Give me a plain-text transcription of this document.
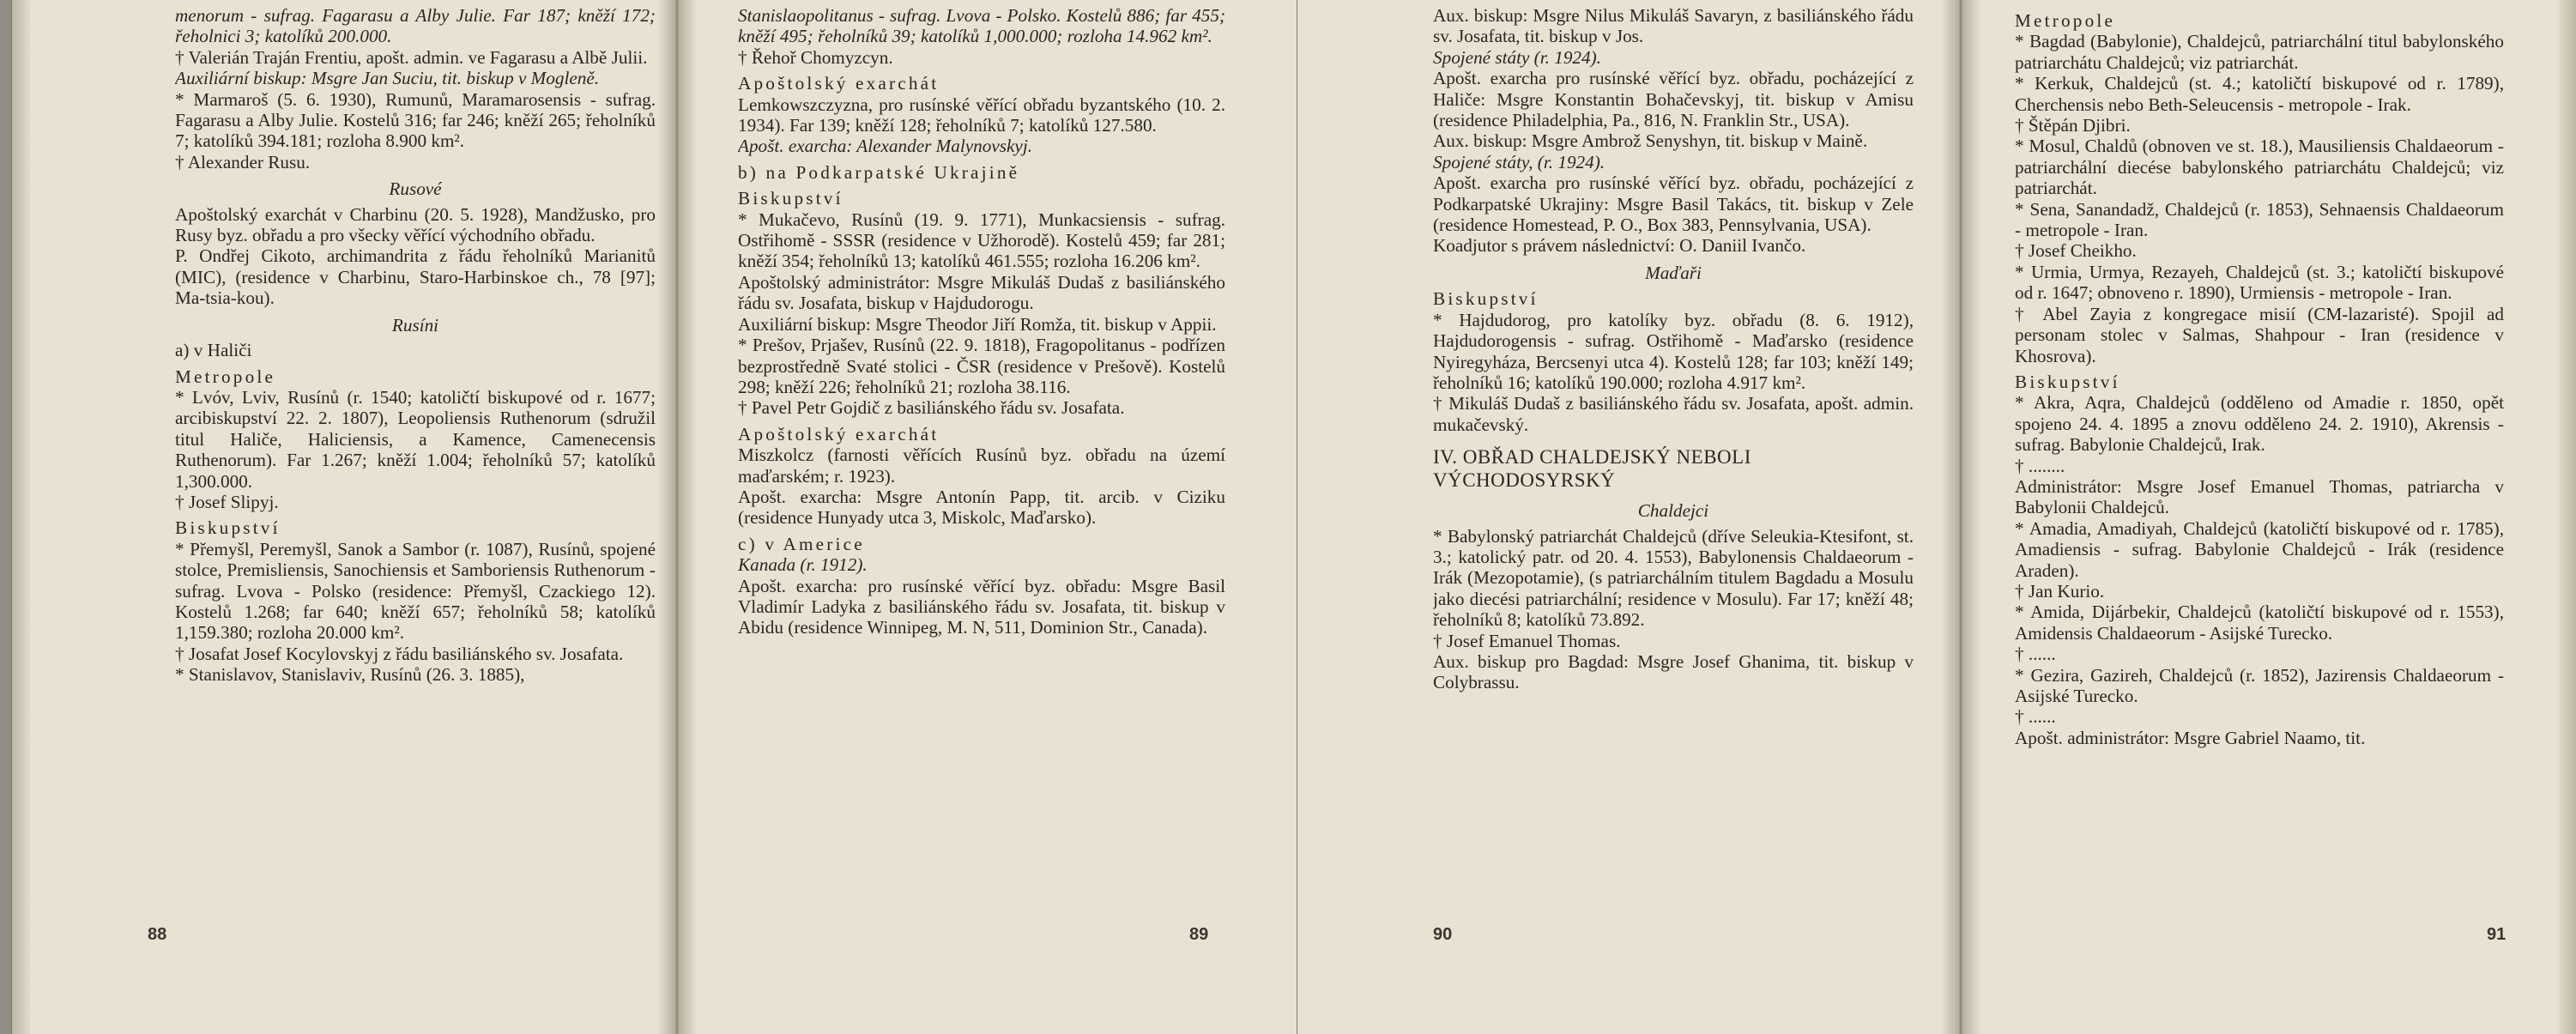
menorum - sufrag. Fagarasu a Alby Julie. Far 187; kněží 172; řeholnici 3; katolíků 200.000.

† Valerián Traján Frentiu, apošt. admin. ve Fagarasu a Albě Julii.

Auxiliární biskup: Msgre Jan Suciu, tit. biskup v Mogleně.

* Marmaroš (5. 6. 1930), Rumunů, Maramarosensis - sufrag. Fagarasu a Alby Julie. Kostelů 316; far 246; kněží 265; řeholníků 7; katolíků 394.181; rozloha 8.900 km².

† Alexander Rusu.

Rusové

Apoštolský exarchát v Charbinu (20. 5. 1928), Mandžusko, pro Rusy byz. obřadu a pro všecky věřící východního obřadu.

P. Ondřej Cikoto, archimandrita z řádu řeholníků Marianitů (MIC), (residence v Charbinu, Staro-Harbinskoe ch., 78 [97]; Ma-tsia-kou).

Rusíni

a) v Haliči

Metropole

* Lvóv, Lviv, Rusínů (r. 1540; katoličtí biskupové od r. 1677; arcibiskupství 22. 2. 1807), Leopoliensis Ruthenorum (sdružil titul Haliče, Haliciensis, a Kamence, Camenecensis Ruthenorum). Far 1.267; kněží 1.004; řeholníků 57; katolíků 1,300.000.

† Josef Slipyj.

Biskupství

* Přemyšl, Peremyšl, Sanok a Sambor (r. 1087), Rusínů, spojené stolce, Premisliensis, Sanochiensis et Samboriensis Ruthenorum - sufrag. Lvova - Polsko (residence: Přemyšl, Czackiego 12). Kostelů 1.268; far 640; kněží 657; řeholníků 58; katolíků 1,159.380; rozloha 20.000 km².

† Josafat Josef Kocylovskyj z řádu basiliánského sv. Josafata.

* Stanislavov, Stanislaviv, Rusínů (26. 3. 1885),

88

Stanislaopolitanus - sufrag. Lvova - Polsko. Kostelů 886; far 455; kněží 495; řeholníků 39; katolíků 1,000.000; rozloha 14.962 km².

† Řehoř Chomyzcyn.

Apoštolský exarchát

Lemkowszczyzna, pro rusínské věřící obřadu byzantského (10. 2. 1934). Far 139; kněží 128; řeholníků 7; katolíků 127.580.

Apošt. exarcha: Alexander Malynovskyj.

b) na Podkarpatské Ukrajině

Biskupství

* Mukačevo, Rusínů (19. 9. 1771), Munkacsiensis - sufrag. Ostřihomě - SSSR (residence v Užhorodě). Kostelů 459; far 281; kněží 354; řeholníků 13; katolíků 461.555; rozloha 16.206 km².

Apoštolský administrátor: Msgre Mikuláš Dudaš z basiliánského řádu sv. Josafata, biskup v Hajdudorogu.

Auxiliární biskup: Msgre Theodor Jiří Romža, tit. biskup v Appii.

* Prešov, Prjašev, Rusínů (22. 9. 1818), Fragopolitanus - podřízen bezprostředně Svaté stolici - ČSR (residence v Prešově). Kostelů 298; kněží 226; řeholníků 21; rozloha 38.116.

† Pavel Petr Gojdič z basiliánského řádu sv. Josafata.

Apoštolský exarchát

Miszkolcz (farnosti věřících Rusínů byz. obřadu na území maďarském; r. 1923).

Apošt. exarcha: Msgre Antonín Papp, tit. arcib. v Ciziku (residence Hunyady utca 3, Miskolc, Maďarsko).

c) v Americe

Kanada (r. 1912).

Apošt. exarcha: pro rusínské věřící byz. obřadu: Msgre Basil Vladimír Ladyka z basiliánského řádu sv. Josafata, tit. biskup v Abidu (residence Winnipeg, M. N, 511, Dominion Str., Canada).

89

Aux. biskup: Msgre Nilus Mikuláš Savaryn, z basiliánského řádu sv. Josafata, tit. biskup v Jos.

Spojené státy (r. 1924).

Apošt. exarcha pro rusínské věřící byz. obřadu, pocházející z Haliče: Msgre Konstantin Bohačevskyj, tit. biskup v Amisu (residence Philadelphia, Pa., 816, N. Franklin Str., USA).

Aux. biskup: Msgre Ambrož Senyshyn, tit. biskup v Maině.

Spojené státy, (r. 1924).

Apošt. exarcha pro rusínské věřící byz. obřadu, pocházející z Podkarpatské Ukrajiny: Msgre Basil Takács, tit. biskup v Zele (residence Homestead, P. O., Box 383, Pennsylvania, USA).

Koadjutor s právem následnictví: O. Daniil Ivančo.

Maďaři

Biskupství

* Hajdudorog, pro katolíky byz. obřadu (8. 6. 1912), Hajdudorogensis - sufrag. Ostřihomě - Maďarsko (residence Nyiregyháza, Bercsenyi utca 4). Kostelů 128; far 103; kněží 149; řeholníků 16; katolíků 190.000; rozloha 4.917 km².

† Mikuláš Dudaš z basiliánského řádu sv. Josafata, apošt. admin. mukačevský.

IV. OBŘAD CHALDEJSKÝ NEBOLI VÝCHODOSYRSKÝ

Chaldejci

* Babylonský patriarchát Chaldejců (dříve Seleukia-Ktesifont, st. 3.; katolický patr. od 20. 4. 1553), Babylonensis Chaldaeorum - Irák (Mezopotamie), (s patriarchálním titulem Bagdadu a Mosulu jako diecési patriarchální; residence v Mosulu). Far 17; kněží 48; řeholníků 8; katolíků 73.892.

† Josef Emanuel Thomas.

Aux. biskup pro Bagdad: Msgre Josef Ghanima, tit. biskup v Colybrassu.

90

Metropole

* Bagdad (Babylonie), Chaldejců, patriarchální titul babylonského patriarchátu Chaldejců; viz patriarchát.

* Kerkuk, Chaldejců (st. 4.; katoličtí biskupové od r. 1789), Cherchensis nebo Beth-Seleucensis - metropole - Irak.

† Štěpán Djibri.

* Mosul, Chaldů (obnoven ve st. 18.), Mausiliensis Chaldaeorum - patriarchální diecése babylonského patriarchátu Chaldejců; viz patriarchát.

* Sena, Sanandadž, Chaldejců (r. 1853), Sehnaensis Chaldaeorum - metropole - Iran.

† Josef Cheikho.

* Urmia, Urmya, Rezayeh, Chaldejců (st. 3.; katoličtí biskupové od r. 1647; obnoveno r. 1890), Urmiensis - metropole - Iran.

† Abel Zayia z kongregace misií (CM-lazaristé). Spojil ad personam stolec v Salmas, Shahpour - Iran (residence v Khosrova).

Biskupství

* Akra, Aqra, Chaldejců (odděleno od Amadie r. 1850, opět spojeno 24. 4. 1895 a znovu odděleno 24. 2. 1910), Akrensis - sufrag. Babylonie Chaldejců, Irak.

† ........

Administrátor: Msgre Josef Emanuel Thomas, patriarcha v Babylonii Chaldejců.

* Amadia, Amadiyah, Chaldejců (katoličtí biskupové od r. 1785), Amadiensis - sufrag. Babylonie Chaldejců - Irák (residence Araden).

† Jan Kurio.

* Amida, Dijárbekir, Chaldejců (katoličtí biskupové od r. 1553), Amidensis Chaldaeorum - Asijské Turecko.

† ......

* Gezira, Gazireh, Chaldejců (r. 1852), Jazirensis Chaldaeorum - Asijské Turecko.

† ......

Apošt. administrátor: Msgre Gabriel Naamo, tit.

91
